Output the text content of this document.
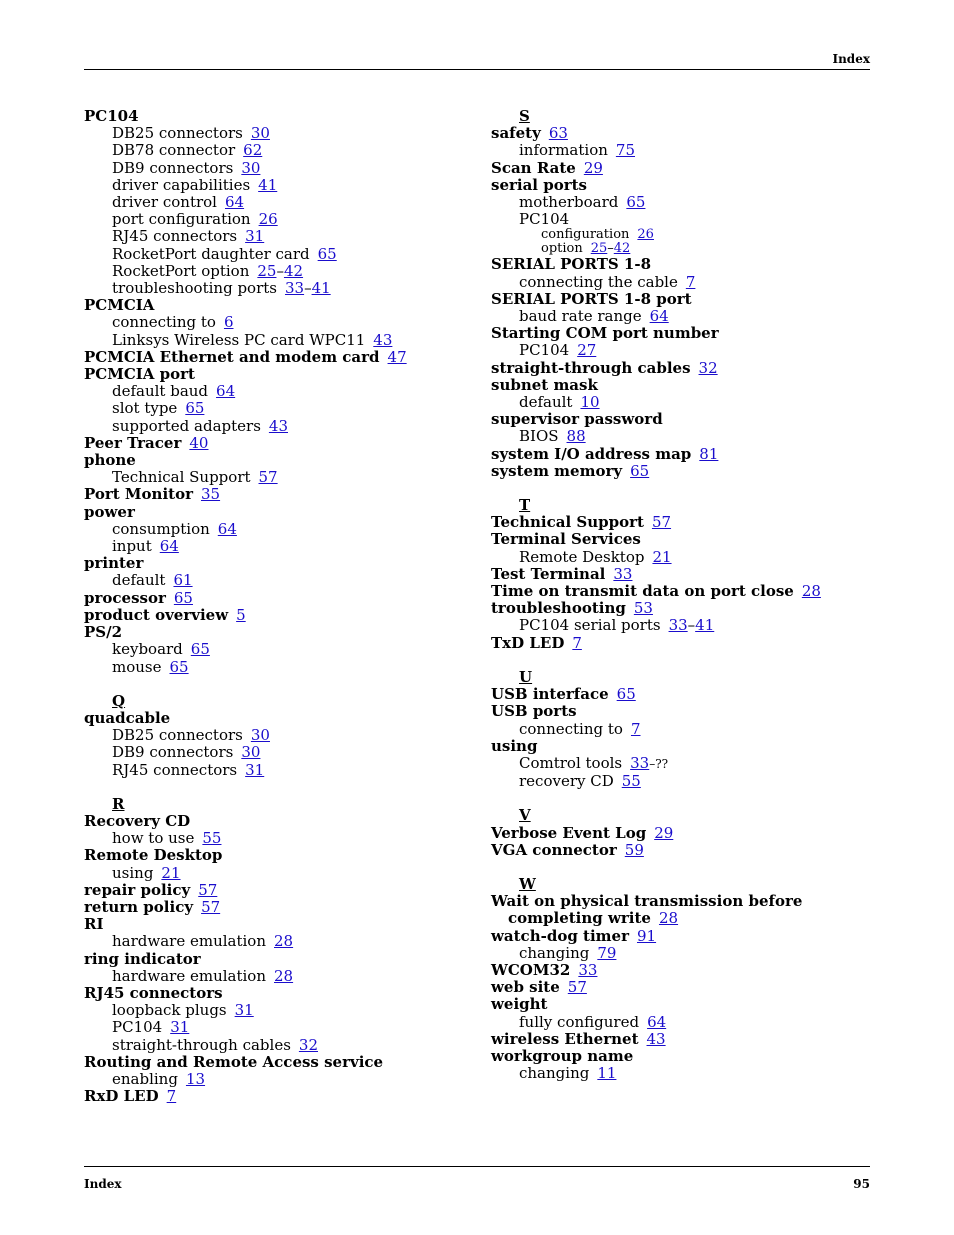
Index
PC104
DB25 connectors 30
DB78 connector 62
DB9 connectors 30
driver capabilities 41
driver control 64
port configuration 26
RJ45 connectors 31
RocketPort daughter card 65
RocketPort option 25–42
troubleshooting ports 33–41
PCMCIA
connecting to 6
Linksys Wireless PC card WPC11 43
PCMCIA Ethernet and modem card 47
PCMCIA port
default baud 64
slot type 65
supported adapters 43
Peer Tracer 40
phone
Technical Support 57
Port Monitor 35
power
consumption 64
input 64
printer
default 61
processor 65
product overview 5
PS/2
keyboard 65
mouse 65
Q
quadcable
DB25 connectors 30
DB9 connectors 30
RJ45 connectors 31
R
Recovery CD
how to use 55
Remote Desktop
using 21
repair policy 57
return policy 57
RI
hardware emulation 28
ring indicator
hardware emulation 28
RJ45 connectors
loopback plugs 31
PC104 31
straight-through cables 32
Routing and Remote Access service
enabling 13
RxD LED 7
S
safety 63
information 75
Scan Rate 29
serial ports
motherboard 65
PC104
configuration 26
option 25–42
SERIAL PORTS 1-8
connecting the cable 7
SERIAL PORTS 1-8 port
baud rate range 64
Starting COM port number
PC104 27
straight-through cables 32
subnet mask
default 10
supervisor password
BIOS 88
system I/O address map 81
system memory 65
T
Technical Support 57
Terminal Services
Remote Desktop 21
Test Terminal 33
Time on transmit data on port close 28
troubleshooting 53
PC104 serial ports 33–41
TxD LED 7
U
USB interface 65
USB ports
connecting to 7
using
Comtrol tools 33–??
recovery CD 55
V
Verbose Event Log 29
VGA connector 59
W
Wait on physical transmission before
completing write 28
watch-dog timer 91
changing 79
WCOM32 33
web site 57
weight
fully configured 64
wireless Ethernet 43
workgroup name
changing 11
Index	95
